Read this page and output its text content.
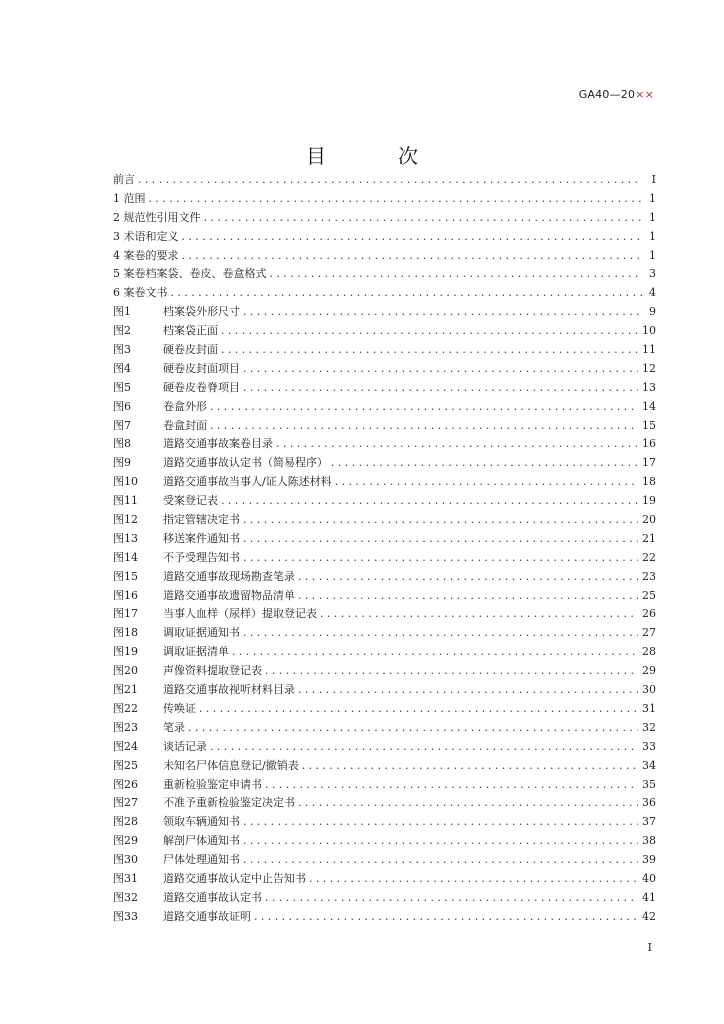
GA40—20××
目　次
前言 .....	I
1 范围 .....	1
2 规范性引用文件 .....	1
3 术语和定义 .....	1
4 案卷的要求 .....	1
5 案卷档案袋、卷皮、卷盒格式 .....	3
6 案卷文书 .....	4
图1	档案袋外形尺寸 .....	9
图2	档案袋正面 .....	10
图3	硬卷皮封面 .....	11
图4	硬卷皮封面项目 .....	12
图5	硬卷皮卷脊项目 .....	13
图6	卷盒外形 .....	14
图7	卷盒封面 .....	15
图8	道路交通事故案卷目录 .....	16
图9	道路交通事故认定书（简易程序） .....	17
图10	道路交通事故当事人/证人陈述材料 .....	18
图11	受案登记表 .....	19
图12	指定管辖决定书 .....	20
图13	移送案件通知书 .....	21
图14	不予受理告知书 .....	22
图15	道路交通事故现场勘查笔录 .....	23
图16	道路交通事故遗留物品清单 .....	25
图17	当事人血样（尿样）提取登记表 .....	26
图18	调取证据通知书 .....	27
图19	调取证据清单 .....	28
图20	声像资料提取登记表 .....	29
图21	道路交通事故视听材料目录 .....	30
图22	传唤证 .....	31
图23	笔录 .....	32
图24	谈话记录 .....	33
图25	未知名尸体信息登记/撤销表 .....	34
图26	重新检验鉴定申请书 .....	35
图27	不准予重新检验鉴定决定书 .....	36
图28	领取车辆通知书 .....	37
图29	解剖尸体通知书 .....	38
图30	尸体处理通知书 .....	39
图31	道路交通事故认定中止告知书 .....	40
图32	道路交通事故认定书 .....	41
图33	道路交通事故证明 .....	42
I
